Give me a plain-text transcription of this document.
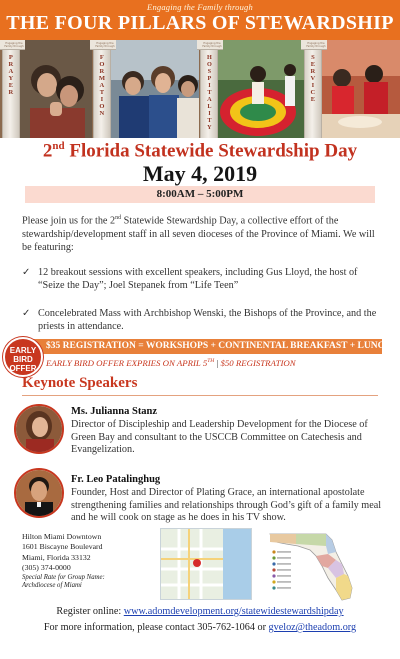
Engaging the Family through
THE FOUR PILLARS OF STEWARDSHIP
Engaging the Family through
PRAYER
Engaging the Family through
FORMATION
Engaging the Family through
HOSPITALITY
Engaging the Family through
SERVICE
2nd Florida Statewide Stewardship Day
May 4, 2019
8:00AM – 5:00PM
Please join us for the 2nd Statewide Stewardship Day, a collective effort of the stewardship/development staff in all seven dioceses of the Province of Miami. We will be featuring:
✓ 12 breakout sessions with excellent speakers, including Gus Lloyd, the host of “Seize the Day”; Joel Stepanek from “Life Teen”
✓ Concelebrated Mass with Archbishop Wenski, the Bishops of the Province, and the priests in attendance.
EARLY
BIRD
OFFER
$35 REGISTRATION = WORKSHOPS + CONTINENTAL BREAKFAST + LUNCH
EARLY BIRD OFFER EXPRIES ON APRIL 5TH | $50 REGISTRATION
Keynote Speakers
Ms. Julianna Stanz
Director of Discipleship and Leadership Development for the Diocese of Green Bay and consultant to the USCCB Committee on Catechesis and Evangelization.
Fr. Leo Patalinghug
Founder, Host and Director of Plating Grace, an international apostolate strengthening families and relationships through God’s gift of a family meal and he will cook on stage as he does in his TV show.
Hilton Miami Downtown
1601 Biscayne Boulevard
Miami, Florida 33132
(305) 374-0000
Special Rate for Group Name:
Archdiocese of Miami
Register online: www.adomdevelopment.org/statewidestewardshipday
For more information, please contact 305-762-1064 or gveloz@theadom.org
